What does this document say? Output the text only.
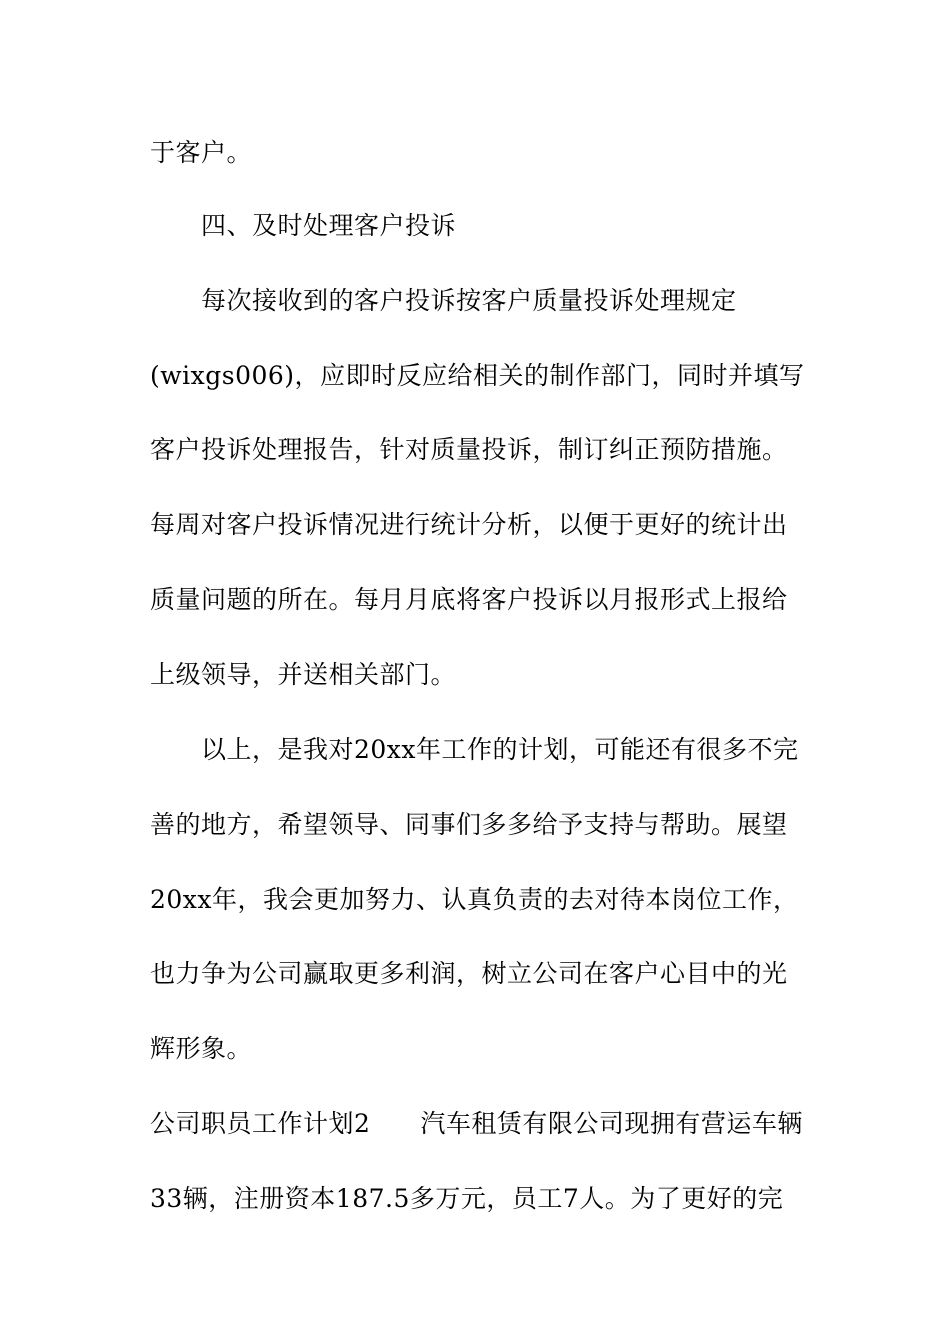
于客户。
四、及时处理客户投诉
每次接收到的客户投诉按客户质量投诉处理规定
(wixgs006)，应即时反应给相关的制作部门，同时并填写
客户投诉处理报告，针对质量投诉，制订纠正预防措施。
每周对客户投诉情况进行统计分析，以便于更好的统计出
质量问题的所在。每月月底将客户投诉以月报形式上报给
上级领导，并送相关部门。
以上，是我对20xx年工作的计划，可能还有很多不完
善的地方，希望领导、同事们多多给予支持与帮助。展望
20xx年，我会更加努力、认真负责的去对待本岗位工作，
也力争为公司赢取更多利润，树立公司在客户心目中的光
辉形象。
公司职员工作计划2 汽车租赁有限公司现拥有营运车辆
33辆，注册资本187.5多万元，员工7人。为了更好的完
